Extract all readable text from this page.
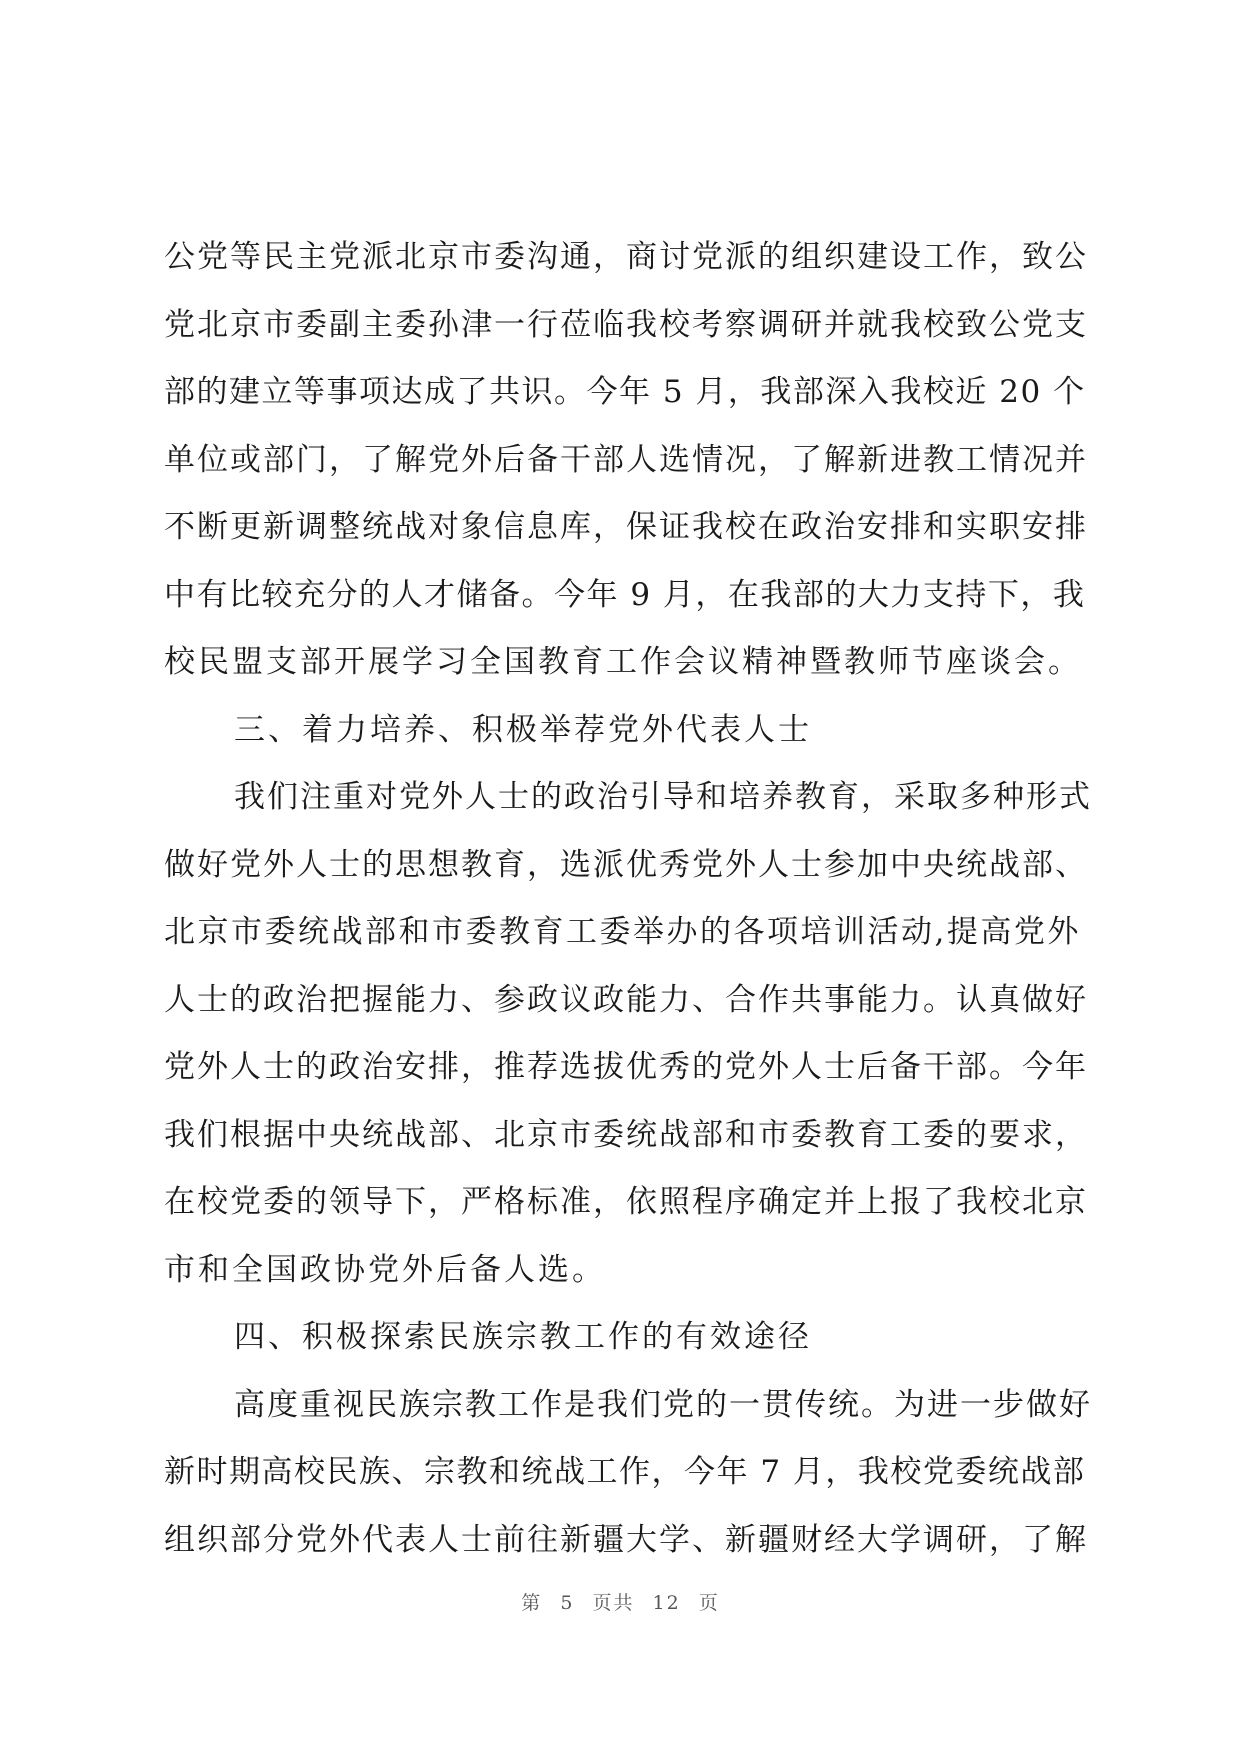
公党等民主党派北京市委沟通，商讨党派的组织建设工作，致公
党北京市委副主委孙津一行莅临我校考察调研并就我校致公党支
部的建立等事项达成了共识。今年 5 月，我部深入我校近 20 个
单位或部门，了解党外后备干部人选情况，了解新进教工情况并
不断更新调整统战对象信息库，保证我校在政治安排和实职安排
中有比较充分的人才储备。今年 9 月，在我部的大力支持下，我
校民盟支部开展学习全国教育工作会议精神暨教师节座谈会。
三、着力培养、积极举荐党外代表人士
我们注重对党外人士的政治引导和培养教育，采取多种形式
做好党外人士的思想教育，选派优秀党外人士参加中央统战部、
北京市委统战部和市委教育工委举办的各项培训活动,提高党外
人士的政治把握能力、参政议政能力、合作共事能力。认真做好
党外人士的政治安排，推荐选拔优秀的党外人士后备干部。今年
我们根据中央统战部、北京市委统战部和市委教育工委的要求，
在校党委的领导下，严格标准，依照程序确定并上报了我校北京
市和全国政协党外后备人选。
四、积极探索民族宗教工作的有效途径
高度重视民族宗教工作是我们党的一贯传统。为进一步做好
新时期高校民族、宗教和统战工作，今年 7 月，我校党委统战部
组织部分党外代表人士前往新疆大学、新疆财经大学调研，了解
第 5 页共 12 页
